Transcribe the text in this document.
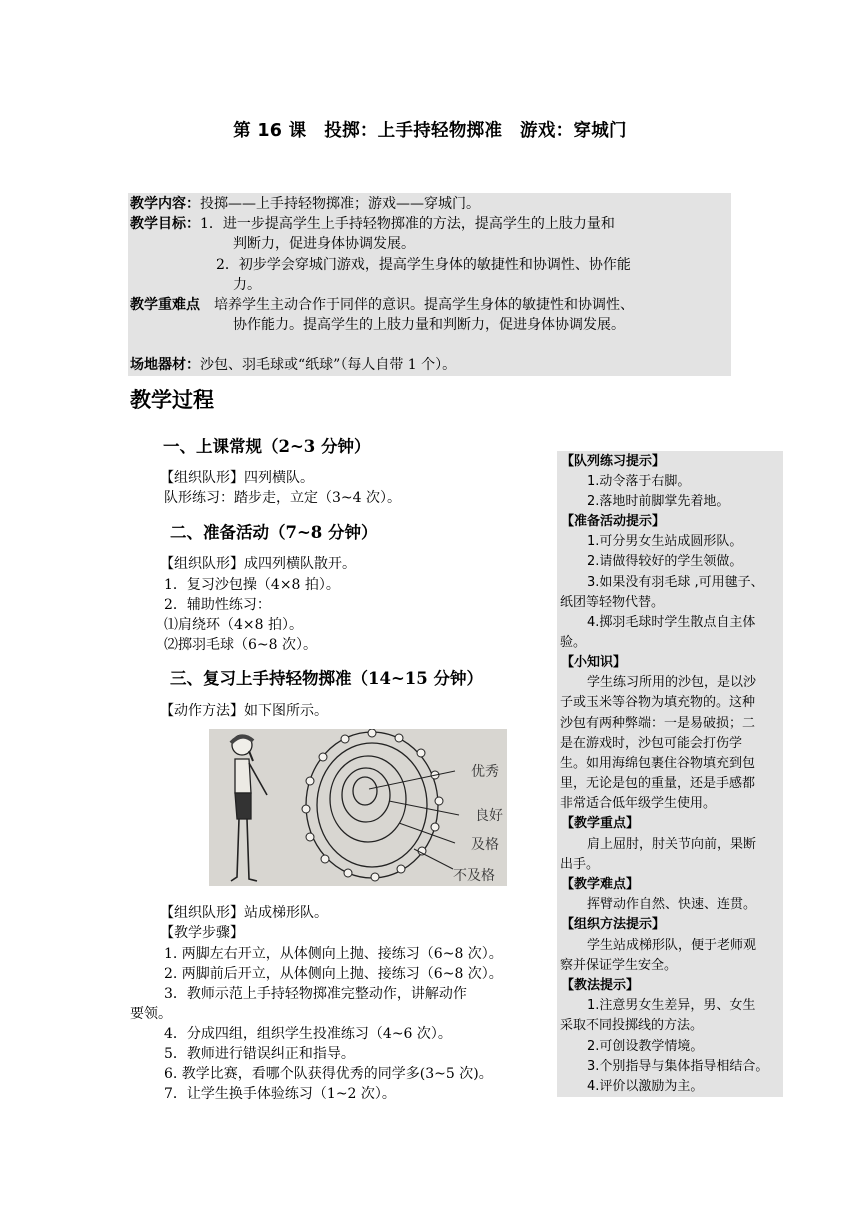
第 16 课　投掷：上手持轻物掷准　游戏：穿城门
教学内容：投掷——上手持轻物掷准；游戏——穿城门。
教学目标：1．进一步提高学生上手持轻物掷准的方法，提高学生的上肢力量和
判断力，促进身体协调发展。
2．初步学会穿城门游戏，提高学生身体的敏捷性和协调性、协作能
力。
教学重难点 培养学生主动合作于同伴的意识。提高学生身体的敏捷性和协调性、
协作能力。提高学生的上肢力量和判断力，促进身体协调发展。
场地器材：沙包、羽毛球或“纸球”（每人自带 1 个）。
教学过程
一、上课常规（2~3 分钟）
【组织队形】四列横队。
队形练习：踏步走，立定（3~4 次）。
二、准备活动（7~8 分钟）
【组织队形】成四列横队散开。
1．复习沙包操（4×8 拍）。
2．辅助性练习：
⑴肩绕环（4×8 拍）。
⑵掷羽毛球（6~8 次）。
三、复习上手持轻物掷准（14~15 分钟）
【动作方法】如下图所示。
优秀
良好
及格
不及格
【组织队形】站成梯形队。
【教学步骤】
1. 两脚左右开立，从体侧向上抛、接练习（6~8 次）。
2. 两脚前后开立，从体侧向上抛、接练习（6~8 次）。
3．教师示范上手持轻物掷准完整动作，讲解动作
要领。
4．分成四组，组织学生投准练习（4~6 次）。
5．教师进行错误纠正和指导。
6. 教学比赛，看哪个队获得优秀的同学多(3~5 次)。
7．让学生换手体验练习（1~2 次）。
【队列练习提示】
1.动令落于右脚。
2.落地时前脚掌先着地。
【准备活动提示】
1.可分男女生站成圆形队。
2.请做得较好的学生领做。
3.如果没有羽毛球 ,可用毽子、
纸团等轻物代替。
4.掷羽毛球时学生散点自主体
验。
【小知识】
学生练习所用的沙包，是以沙
子或玉米等谷物为填充物的。这种
沙包有两种弊端：一是易破损；二
是在游戏时，沙包可能会打伤学
生。如用海绵包裹住谷物填充到包
里，无论是包的重量，还是手感都
非常适合低年级学生使用。
【教学重点】
肩上屈肘，肘关节向前，果断
出手。
【教学难点】
挥臂动作自然、快速、连贯。
【组织方法提示】
学生站成梯形队，便于老师观
察并保证学生安全。
【教法提示】
1.注意男女生差异，男、女生
采取不同投掷线的方法。
2.可创设教学情境。
3.个别指导与集体指导相结合。
4.评价以激励为主。
